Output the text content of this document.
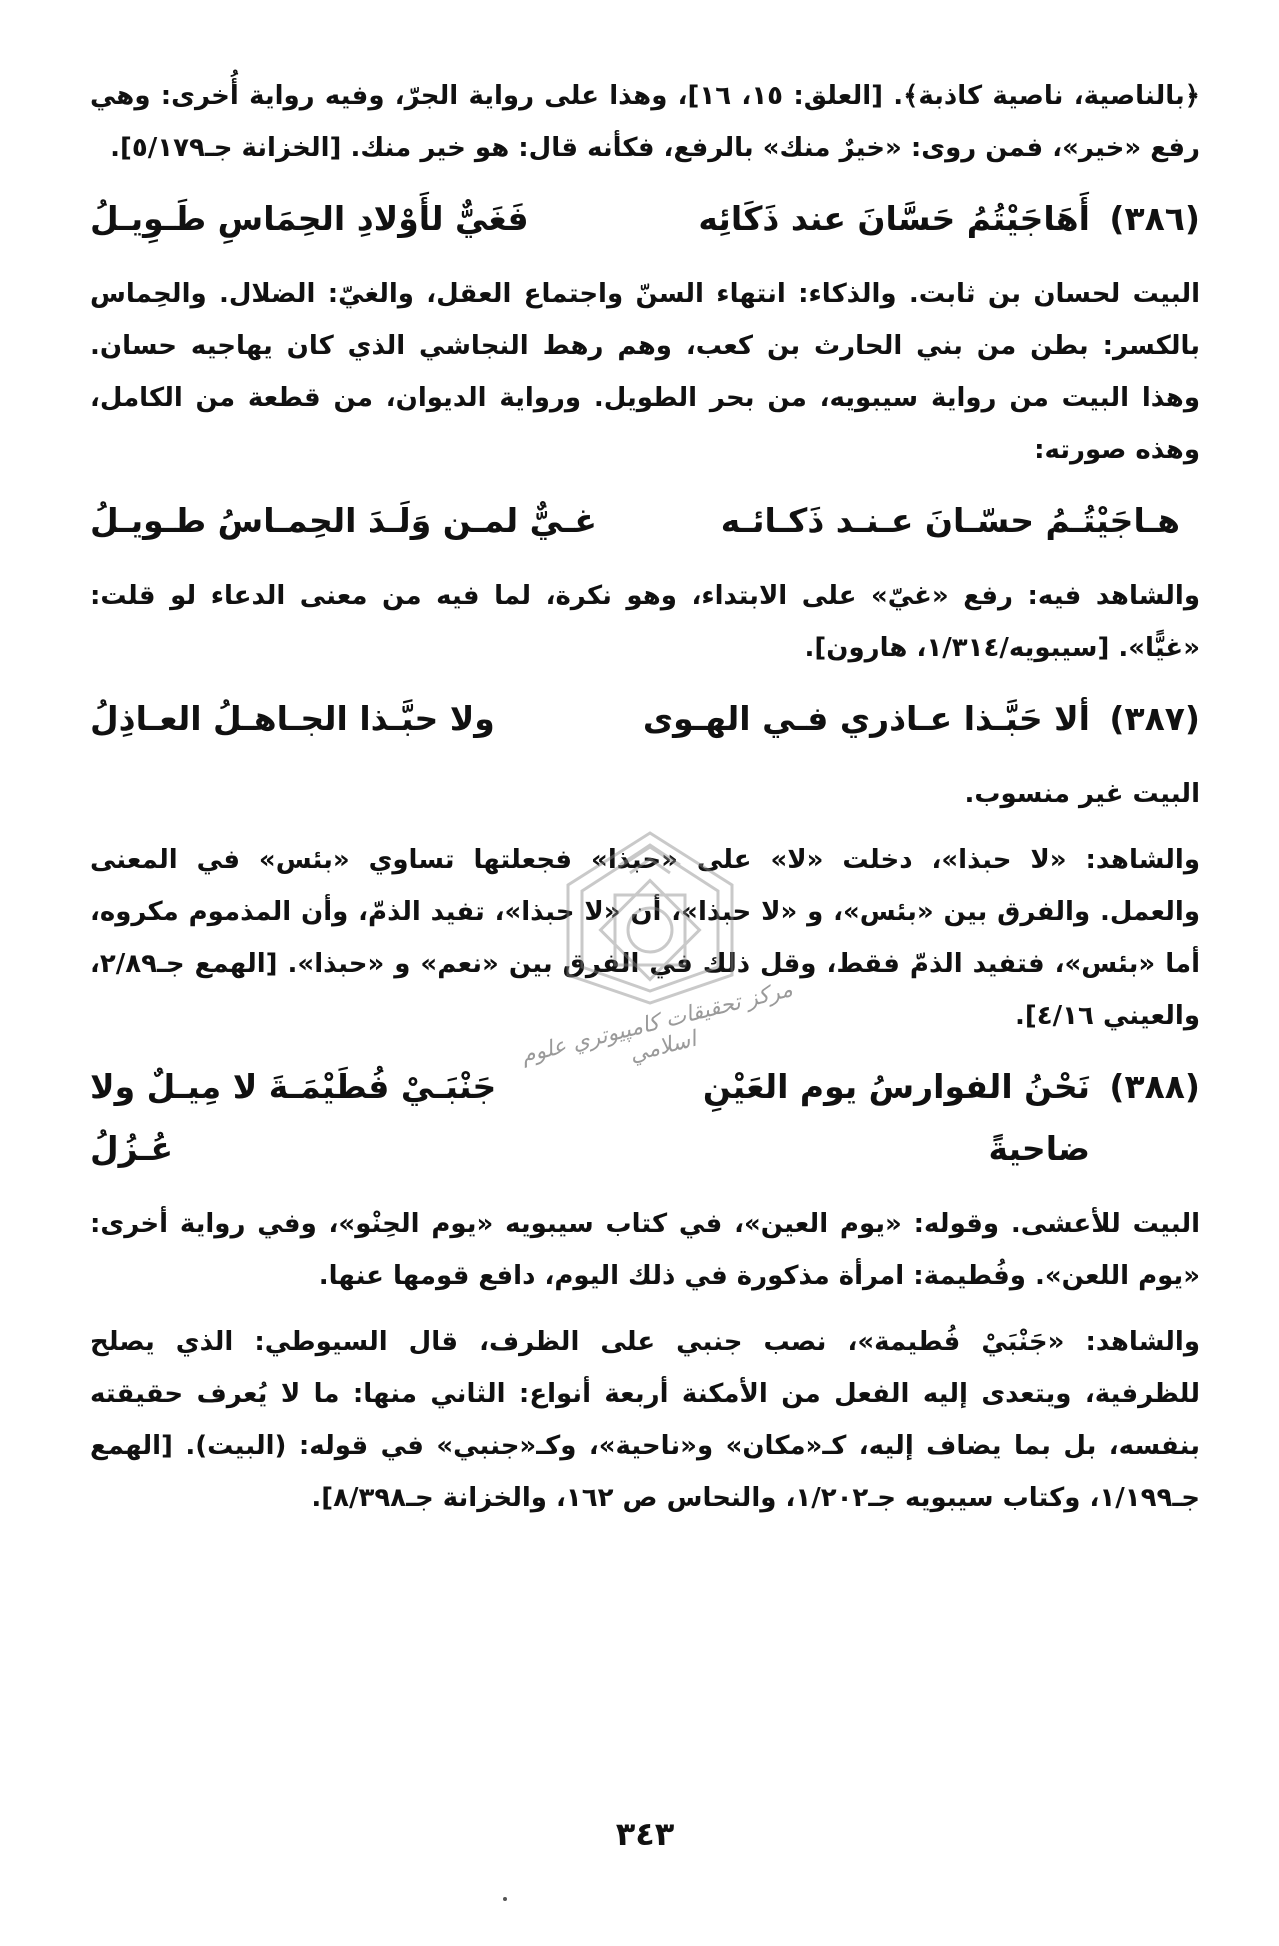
﴿بالناصية، ناصية كاذبة﴾. [العلق: ١٥، ١٦]، وهذا على رواية الجرّ، وفيه رواية أُخرى: وهي رفع «خير»، فمن روى: «خيرٌ منك» بالرفع، فكأنه قال: هو خير منك. [الخزانة جـ٥/١٧٩].

(٣٨٦)
أَهَاجَيْتُمُ حَسَّانَ عند ذَكَائِه
فَغَيٌّ لأَوْلادِ الحِمَاسِ طَـوِيـلُ

البيت لحسان بن ثابت. والذكاء: انتهاء السنّ واجتماع العقل، والغيّ: الضلال. والحِماس بالكسر: بطن من بني الحارث بن كعب، وهم رهط النجاشي الذي كان يهاجيه حسان. وهذا البيت من رواية سيبويه، من بحر الطويل. ورواية الديوان، من قطعة من الكامل، وهذه صورته:

هـاجَيْتُـمُ حسّـانَ عـنـد ذَكـائـه
غـيٌّ لمـن وَلَـدَ الحِمـاسُ طـويـلُ

والشاهد فيه: رفع «غيّ» على الابتداء، وهو نكرة، لما فيه من معنى الدعاء لو قلت: «غيًّا». [سيبويه/١/٣١٤، هارون].

(٣٨٧)
ألا حَبَّـذا عـاذري فـي الهـوى
ولا حبَّـذا الجـاهـلُ العـاذِلُ

البيت غير منسوب.

والشاهد: «لا حبذا»، دخلت «لا» على «حبذا» فجعلتها تساوي «بئس» في المعنى والعمل. والفرق بين «بئس»، و «لا حبذا»، أن «لا حبذا»، تفيد الذمّ، وأن المذموم مكروه، أما «بئس»، فتفيد الذمّ فقط، وقل ذلك في الفرق بين «نعم» و «حبذا». [الهمع جـ٢/٨٩، والعيني ٤/١٦].

(٣٨٨)
نَحْنُ الفوارسُ يوم العَيْنِ ضاحيةً
جَنْبَـيْ فُطَيْمَـةَ لا مِيـلٌ ولا عُـزُلُ

البيت للأعشى. وقوله: «يوم العين»، في كتاب سيبويه «يوم الحِنْو»، وفي رواية أخرى: «يوم اللعن». وفُطيمة: امرأة مذكورة في ذلك اليوم، دافع قومها عنها.

والشاهد: «جَنْبَيْ فُطيمة»، نصب جنبي على الظرف، قال السيوطي: الذي يصلح للظرفية، ويتعدى إليه الفعل من الأمكنة أربعة أنواع: الثاني منها: ما لا يُعرف حقيقته بنفسه، بل بما يضاف إليه، كـ«مكان» و«ناحية»، وكـ«جنبي» في قوله: (البيت). [الهمع جـ١/١٩٩، وكتاب سيبويه جـ١/٢٠٢، والنحاس ص ١٦٢، والخزانة جـ٨/٣٩٨].

٣٤٣
مركز تحقيقات كامپيوتري علوم اسلامي
